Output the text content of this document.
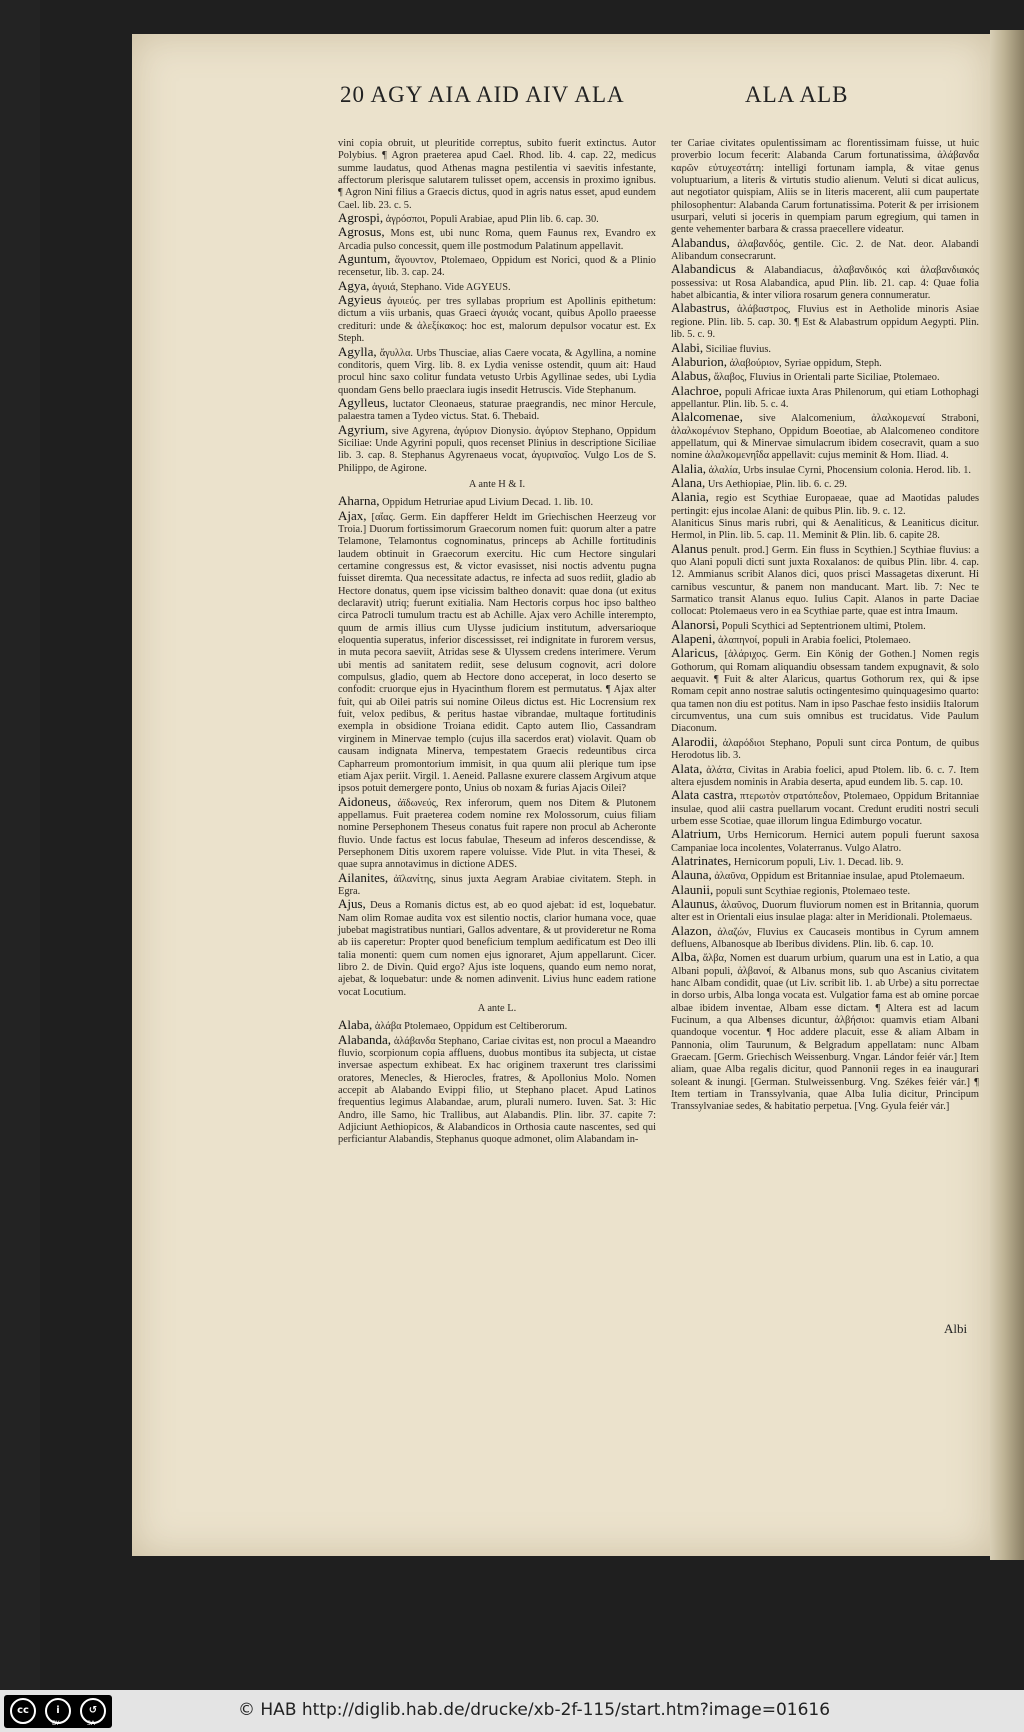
20 AGY AIA AID AIV ALA	ALA ALB

vini copia obruit, ut pleuritide correptus, subito fuerit extinctus. Autor Polybius. ¶ Agron praeterea apud Cael. Rhod. lib. 4. cap. 22, medicus summe laudatus, quod Athenas magna pestilentia vi saevitis infestante, affectorum plerisque salutarem tulisset opem, accensis in proximo ignibus. ¶ Agron Nini filius a Graecis dictus, quod in agris natus esset, apud eundem Cael. lib. 23. c. 5.

Agrospi, ἀγρόσποι, Populi Arabiae, apud Plin lib. 6. cap. 30.

Agrosus, Mons est, ubi nunc Roma, quem Faunus rex, Evandro ex Arcadia pulso concessit, quem ille postmodum Palatinum appellavit.

Aguntum, ἄγουντον, Ptolemaeo, Oppidum est Norici, quod & a Plinio recensetur, lib. 3. cap. 24.

Agya, ἀγυιά, Stephano. Vide AGYEUS.

Agyieus ἀγυιεύς. per tres syllabas proprium est Apollinis epithetum: dictum a viis urbanis, quas Graeci ἀγυιάς vocant, quibus Apollo praeesse credituri: unde & ἀλεξίκακος: hoc est, malorum depulsor vocatur est. Ex Steph.

Agylla, ἄγυλλα. Urbs Thusciae, alias Caere vocata, & Agyllina, a nomine conditoris, quem Virg. lib. 8. ex Lydia venisse ostendit, quum ait: Haud procul hinc saxo colitur fundata vetusto Urbis Agyllinae sedes, ubi Lydia quondam Gens bello praeclara iugis insedit Hetruscis. Vide Stephanum.

Agylleus, luctator Cleonaeus, staturae praegrandis, nec minor Hercule, palaestra tamen a Tydeo victus. Stat. 6. Thebaid.

Agyrium, sive Agyrena, ἀγύριον Dionysio. ἀγύριον Stephano, Oppidum Siciliae: Unde Agyrini populi, quos recenset Plinius in descriptione Siciliae lib. 3. cap. 8. Stephanus Agyrenaeus vocat, ἀγυριναῖος. Vulgo Los de S. Philippo, de Agirone.

A ante H & I.

Aharna, Oppidum Hetruriae apud Livium Decad. 1. lib. 10.

Ajax, [αἴας. Germ. Ein dapfferer Heldt im Griechischen Heerzeug vor Troia.] Duorum fortissimorum Graecorum nomen fuit: quorum alter a patre Telamone, Telamontus cognominatus, princeps ab Achille fortitudinis laudem obtinuit in Graecorum exercitu. Hic cum Hectore singulari certamine congressus est, & victor evasisset, nisi noctis adventu pugna fuisset diremta. Qua necessitate adactus, re infecta ad suos rediit, gladio ab Hectore donatus, quem ipse vicissim baltheo donavit: quae dona (ut exitus declaravit) utriq; fuerunt exitialia. Nam Hectoris corpus hoc ipso baltheo circa Patrocli tumulum tractu est ab Achille. Ajax vero Achille interempto, quum de armis illius cum Ulysse judicium institutum, adversarioque eloquentia superatus, inferior discessisset, rei indignitate in furorem versus, in muta pecora saeviit, Atridas sese & Ulyssem credens interimere. Verum ubi mentis ad sanitatem rediit, sese delusum cognovit, acri dolore compulsus, gladio, quem ab Hectore dono acceperat, in loco deserto se confodit: cruorque ejus in Hyacinthum florem est permutatus. ¶ Ajax alter fuit, qui ab Oilei patris sui nomine Oileus dictus est. Hic Locrensium rex fuit, velox pedibus, & peritus hastae vibrandae, multaque fortitudinis exempla in obsidione Troiana edidit. Capto autem Ilio, Cassandram virginem in Minervae templo (cujus illa sacerdos erat) violavit. Quam ob causam indignata Minerva, tempestatem Graecis redeuntibus circa Capharreum promontorium immisit, in qua quum alii plerique tum ipse etiam Ajax periit. Virgil. 1. Aeneid. Pallasne exurere classem Argivum atque ipsos potuit demergere ponto, Unius ob noxam & furias Ajacis Oilei?

Aidoneus, ἀϊδωνεύς, Rex inferorum, quem nos Ditem & Plutonem appellamus. Fuit praeterea codem nomine rex Molossorum, cuius filiam nomine Persephonem Theseus conatus fuit rapere non procul ab Acheronte fluvio. Unde factus est locus fabulae, Theseum ad inferos descendisse, & Persephonem Ditis uxorem rapere voluisse. Vide Plut. in vita Thesei, & quae supra annotavimus in dictione ADES.

Ailanites, ἀϊλανίτης, sinus juxta Aegram Arabiae civitatem. Steph. in Egra.

Ajus, Deus a Romanis dictus est, ab eo quod ajebat: id est, loquebatur. Nam olim Romae audita vox est silentio noctis, clarior humana voce, quae jubebat magistratibus nuntiari, Gallos adventare, & ut provideretur ne Roma ab iis caperetur: Propter quod beneficium templum aedificatum est Deo illi talia monenti: quem cum nomen ejus ignoraret, Ajum appellarunt. Cicer. libro 2. de Divin. Quid ergo? Ajus iste loquens, quando eum nemo norat, ajebat, & loquebatur: unde & nomen adinvenit. Livius hunc eadem ratione vocat Locutium.

A ante L.

Alaba, ἀλάβα Ptolemaeo, Oppidum est Celtiberorum.

Alabanda, ἀλάβανδα Stephano, Cariae civitas est, non procul a Maeandro fluvio, scorpionum copia affluens, duobus montibus ita subjecta, ut cistae inversae aspectum exhibeat. Ex hac originem traxerunt tres clarissimi oratores, Menecles, & Hierocles, fratres, & Apollonius Molo. Nomen accepit ab Alabando Evippi filio, ut Stephano placet. Apud Latinos frequentius legimus Alabandae, arum, plurali numero. Iuven. Sat. 3: Hic Andro, ille Samo, hic Trallibus, aut Alabandis. Plin. libr. 37. capite 7: Adjiciunt Aethiopicos, & Alabandicos in Orthosia caute nascentes, sed qui perficiantur Alabandis, Stephanus quoque admonet, olim Alabandam in-

ter Cariae civitates opulentissimam ac florentissimam fuisse, ut huic proverbio locum fecerit: Alabanda Carum fortunatissima, ἀλάβανδα καρῶν εὐτυχεστάτη: intelligi fortunam iampla, & vitae genus voluptuarium, a literis & virtutis studio alienum. Veluti si dicat aulicus, aut negotiator quispiam, Aliis se in literis macerent, alii cum paupertate philosophentur: Alabanda Carum fortunatissima. Poterit & per irrisionem usurpari, veluti si joceris in quempiam parum egregium, qui tamen in gente vehementer barbara & crassa praecellere videatur.

Alabandus, ἀλαβανδός, gentile. Cic. 2. de Nat. deor. Alabandi Alibandum consecrarunt.

Alabandicus & Alabandiacus, ἀλαβανδικός καὶ ἀλαβανδιακός possessiva: ut Rosa Alabandica, apud Plin. lib. 21. cap. 4: Quae folia habet albicantia, & inter viliora rosarum genera connumeratur.

Alabastrus, ἀλάβαστρος, Fluvius est in Aetholide minoris Asiae regione. Plin. lib. 5. cap. 30. ¶ Est & Alabastrum oppidum Aegypti. Plin. lib. 5. c. 9.

Alabi, Siciliae fluvius.

Alaburion, ἀλαβούριον, Syriae oppidum, Steph.

Alabus, ἄλαβος, Fluvius in Orientali parte Siciliae, Ptolemaeo.

Alachroe, populi Africae iuxta Aras Philenorum, qui etiam Lothophagi appellantur. Plin. lib. 5. c. 4.

Alalcomenae, sive Alalcomenium, ἀλαλκομεναί Straboni, ἀλαλκομένιον Stephano, Oppidum Boeotiae, ab Alalcomeneo conditore appellatum, qui & Minervae simulacrum ibidem cosecravit, quam a suo nomine ἀλαλκομενηΐδα appellavit: cujus meminit & Hom. Iliad. 4.

Alalia, ἀλαλία, Urbs insulae Cyrni, Phocensium colonia. Herod. lib. 1.

Alana, Urs Aethiopiae, Plin. lib. 6. c. 29.

Alania, regio est Scythiae Europaeae, quae ad Maotidas paludes pertingit: ejus incolae Alani: de quibus Plin. lib. 9. c. 12.

Alaniticus Sinus maris rubri, qui & Aenaliticus, & Leaniticus dicitur. Hermol, in Plin. lib. 5. cap. 11. Meminit & Plin. lib. 6. capite 28.

Alanus penult. prod.] Germ. Ein fluss in Scythien.] Scythiae fluvius: a quo Alani populi dicti sunt juxta Roxalanos: de quibus Plin. libr. 4. cap. 12. Ammianus scribit Alanos dici, quos prisci Massagetas dixerunt. Hi carnibus vescuntur, & panem non manducant. Mart. lib. 7: Nec te Sarmatico transit Alanus equo. Iulius Capit. Alanos in parte Daciae collocat: Ptolemaeus vero in ea Scythiae parte, quae est intra Imaum.

Alanorsi, Populi Scythici ad Septentrionem ultimi, Ptolem.

Alapeni, ἀλαπηνοί, populi in Arabia foelici, Ptolemaeo.

Alaricus, [ἀλάριχος. Germ. Ein König der Gothen.] Nomen regis Gothorum, qui Romam aliquandiu obsessam tandem expugnavit, & solo aequavit. ¶ Fuit & alter Alaricus, quartus Gothorum rex, qui & ipse Romam cepit anno nostrae salutis octingentesimo quinquagesimo quarto: qua tamen non diu est potitus. Nam in ipso Paschae festo insidiis Italorum circumventus, una cum suis omnibus est trucidatus. Vide Paulum Diaconum.

Alarodii, ἀλαρόδιοι Stephano, Populi sunt circa Pontum, de quibus Herodotus lib. 3.

Alata, ἀλάτα, Civitas in Arabia foelici, apud Ptolem. lib. 6. c. 7. Item altera ejusdem nominis in Arabia deserta, apud eundem lib. 5. cap. 10.

Alata castra, πτερωτὸν στρατόπεδον, Ptolemaeo, Oppidum Britanniae insulae, quod alii castra puellarum vocant. Credunt eruditi nostri seculi urbem esse Scotiae, quae illorum lingua Edimburgo vocatur.

Alatrium, Urbs Hernicorum. Hernici autem populi fuerunt saxosa Campaniae loca incolentes, Volaterranus. Vulgo Alatro.

Alatrinates, Hernicorum populi, Liv. 1. Decad. lib. 9.

Alauna, ἀλαῦνα, Oppidum est Britanniae insulae, apud Ptolemaeum.

Alaunii, populi sunt Scythiae regionis, Ptolemaeo teste.

Alaunus, ἀλαῦνος, Duorum fluviorum nomen est in Britannia, quorum alter est in Orientali eius insulae plaga: alter in Meridionali. Ptolemaeus.

Alazon, ἀλαζών, Fluvius ex Caucaseis montibus in Cyrum amnem defluens, Albanosque ab Iberibus dividens. Plin. lib. 6. cap. 10.

Alba, ἄλβα, Nomen est duarum urbium, quarum una est in Latio, a qua Albani populi, ἀλβανοί, & Albanus mons, sub quo Ascanius civitatem hanc Albam condidit, quae (ut Liv. scribit lib. 1. ab Urbe) a situ porrectae in dorso urbis, Alba longa vocata est. Vulgatior fama est ab omine porcae albae ibidem inventae, Albam esse dictam. ¶ Altera est ad lacum Fucinum, a qua Albenses dicuntur, ἀλβήσιοι: quamvis etiam Albani quandoque vocentur. ¶ Hoc addere placuit, esse & aliam Albam in Pannonia, olim Taurunum, & Belgradum appellatam: nunc Albam Graecam. [Germ. Griechisch Weissenburg. Vngar. Lándor feiér vár.] Item aliam, quae Alba regalis dicitur, quod Pannonii reges in ea inaugurari soleant & inungi. [German. Stulweissenburg. Vng. Székes feiér vár.] ¶ Item tertiam in Transsylvania, quae Alba Iulia dicitur, Principum Transsylvaniae sedes, & habitatio perpetua. [Vng. Gyula feiér vár.]

Albi
cc	i	↺
BY	SA
© HAB http://diglib.hab.de/drucke/xb-2f-115/start.htm?image=01616
